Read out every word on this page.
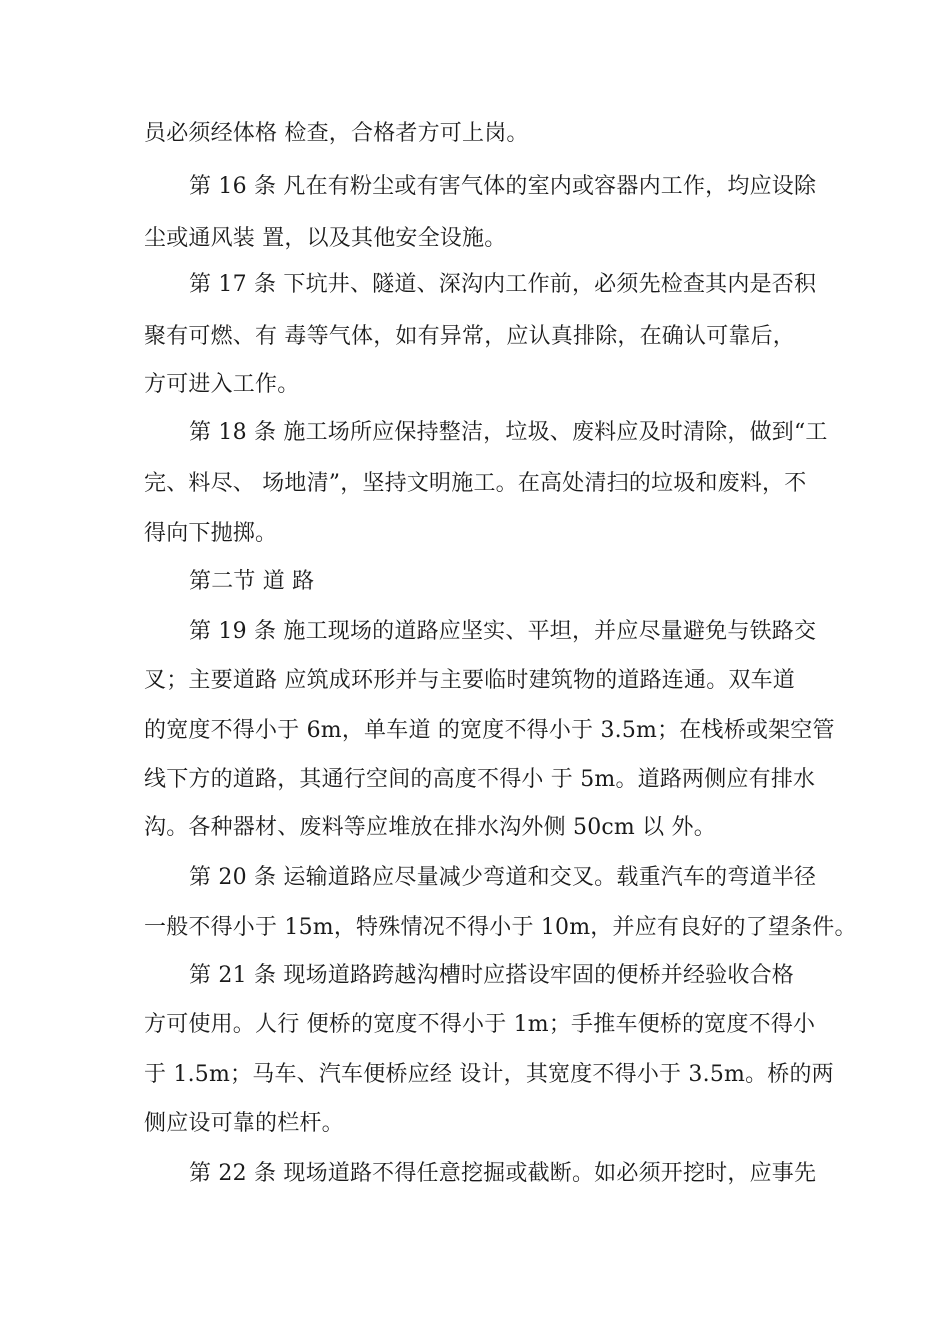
员必须经体格 检查，合格者方可上岗。
第 16 条 凡在有粉尘或有害气体的室内或容器内工作，均应设除
尘或通风装 置，以及其他安全设施。
第 17 条 下坑井、隧道、深沟内工作前，必须先检查其内是否积
聚有可燃、有 毒等气体，如有异常，应认真排除，在确认可靠后，
方可进入工作。
第 18 条 施工场所应保持整洁，垃圾、废料应及时清除，做到“工
完、料尽、 场地清”，坚持文明施工。在高处清扫的垃圾和废料，不
得向下抛掷。
第二节 道 路
第 19 条 施工现场的道路应坚实、平坦，并应尽量避免与铁路交
叉；主要道路 应筑成环形并与主要临时建筑物的道路连通。双车道
的宽度不得小于 6m，单车道 的宽度不得小于 3.5m；在栈桥或架空管
线下方的道路，其通行空间的高度不得小 于 5m。道路两侧应有排水
沟。各种器材、废料等应堆放在排水沟外侧 50cm 以 外。
第 20 条 运输道路应尽量减少弯道和交叉。载重汽车的弯道半径
一般不得小于 15m，特殊情况不得小于 10m，并应有良好的了望条件。
第 21 条 现场道路跨越沟槽时应搭设牢固的便桥并经验收合格
方可使用。人行 便桥的宽度不得小于 1m；手推车便桥的宽度不得小
于 1.5m；马车、汽车便桥应经 设计，其宽度不得小于 3.5m。桥的两
侧应设可靠的栏杆。
第 22 条 现场道路不得任意挖掘或截断。如必须开挖时，应事先
